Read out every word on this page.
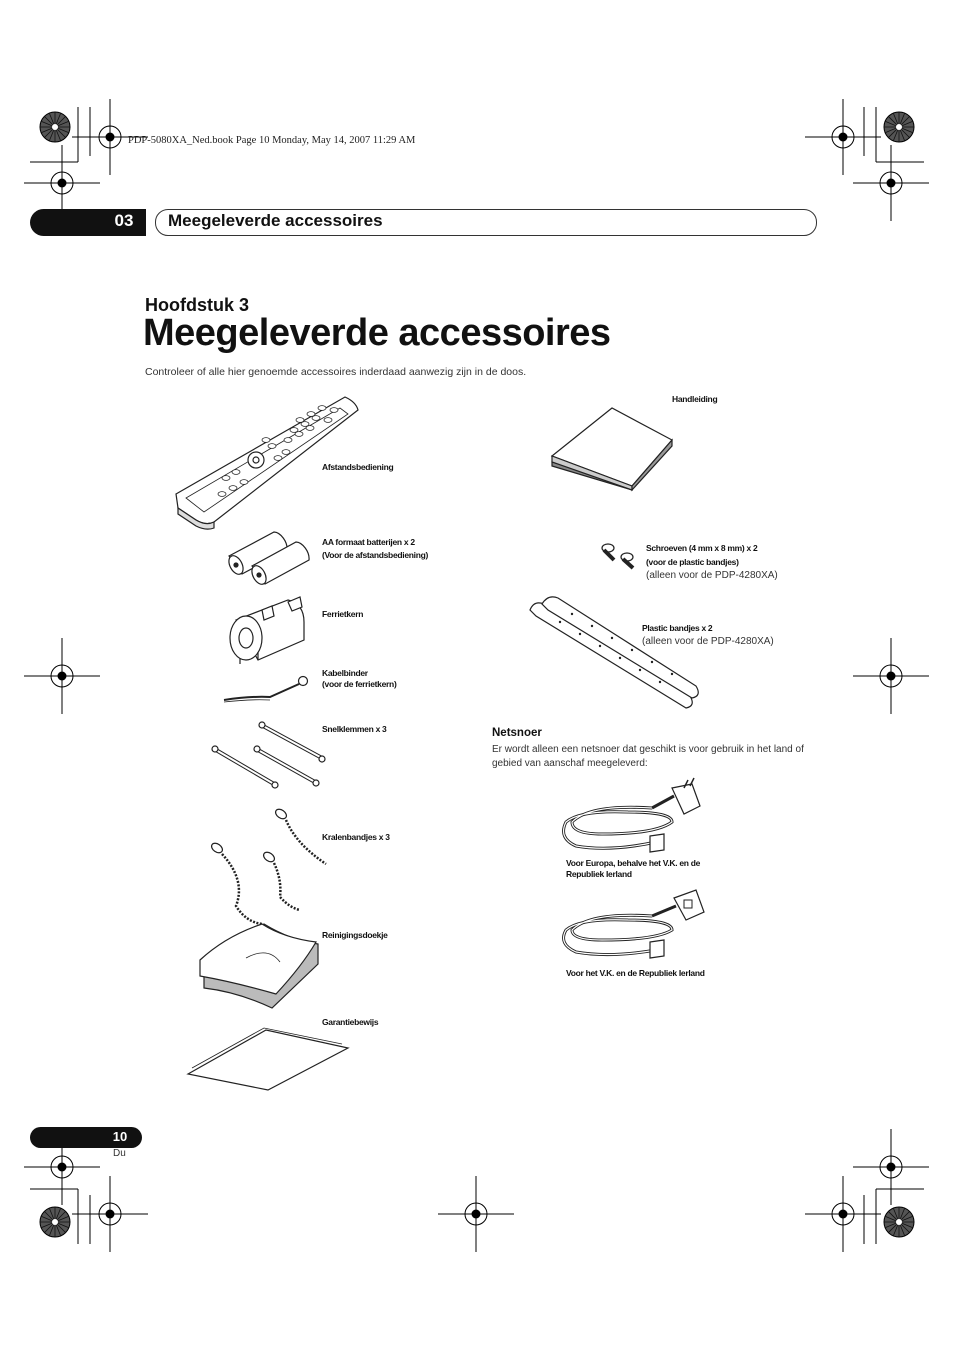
PDP-5080XA_Ned.book Page 10 Monday, May 14, 2007 11:29 AM
03	Meegeleverde accessoires
Hoofdstuk 3
Meegeleverde accessoires
Controleer of alle hier genoemde accessoires inderdaad aanwezig zijn in de doos.
Afstandsbediening
AA formaat batterijen x 2
(Voor de afstandsbediening)
Ferrietkern
Kabelbinder
(voor de ferrietkern)
Snelklemmen x 3
Kralenbandjes x 3
Reinigingsdoekje
Garantiebewijs
Handleiding
Schroeven (4 mm x 8 mm) x 2
(voor de plastic bandjes)
(alleen voor de PDP-4280XA)
Plastic bandjes x 2
(alleen voor de PDP-4280XA)
Netsnoer
Er wordt alleen een netsnoer dat geschikt is voor gebruik in het land of gebied van aanschaf meegeleverd:
Voor Europa, behalve het V.K. en de
Republiek Ierland
Voor het V.K. en de Republiek Ierland
10
Du
